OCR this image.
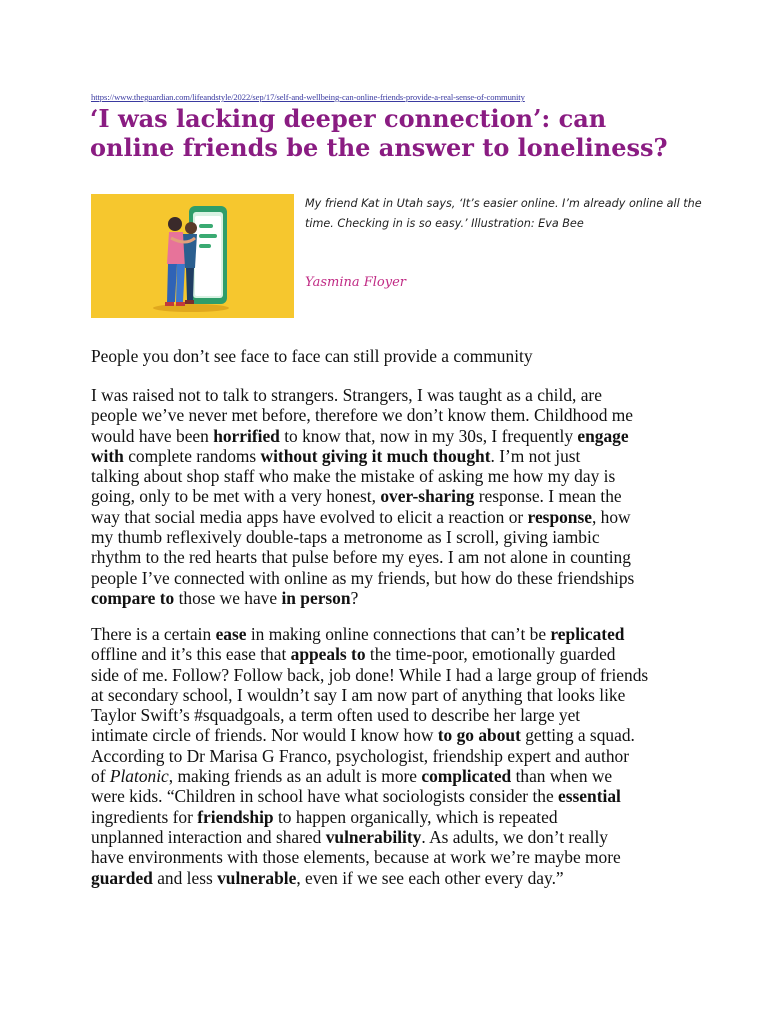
https://www.theguardian.com/lifeandstyle/2022/sep/17/self-and-wellbeing-can-online-friends-provide-a-real-sense-of-community
‘I was lacking deeper connection’: can online friends be the answer to loneliness?

My friend Kat in Utah says, ‘It’s easier online. I’m already online all the time. Checking in is so easy.’ Illustration: Eva Bee

Yasmina Floyer

People you don’t see face to face can still provide a community

I was raised not to talk to strangers. Strangers, I was taught as a child, are
people we’ve never met before, therefore we don’t know them. Childhood me
would have been horrified to know that, now in my 30s, I frequently engage
with complete randoms without giving it much thought. I’m not just
talking about shop staff who make the mistake of asking me how my day is
going, only to be met with a very honest, over-sharing response. I mean the
way that social media apps have evolved to elicit a reaction or response, how
my thumb reflexively double-taps a metronome as I scroll, giving iambic
rhythm to the red hearts that pulse before my eyes. I am not alone in counting
people I’ve connected with online as my friends, but how do these friendships
compare to those we have in person?

There is a certain ease in making online connections that can’t be replicated
offline and it’s this ease that appeals to the time-poor, emotionally guarded
side of me. Follow? Follow back, job done! While I had a large group of friends
at secondary school, I wouldn’t say I am now part of anything that looks like
Taylor Swift’s #squadgoals, a term often used to describe her large yet
intimate circle of friends. Nor would I know how to go about getting a squad.
According to Dr Marisa G Franco, psychologist, friendship expert and author
of Platonic, making friends as an adult is more complicated than when we
were kids. “Children in school have what sociologists consider the essential
ingredients for friendship to happen organically, which is repeated
unplanned interaction and shared vulnerability. As adults, we don’t really
have environments with those elements, because at work we’re maybe more
guarded and less vulnerable, even if we see each other every day.”
